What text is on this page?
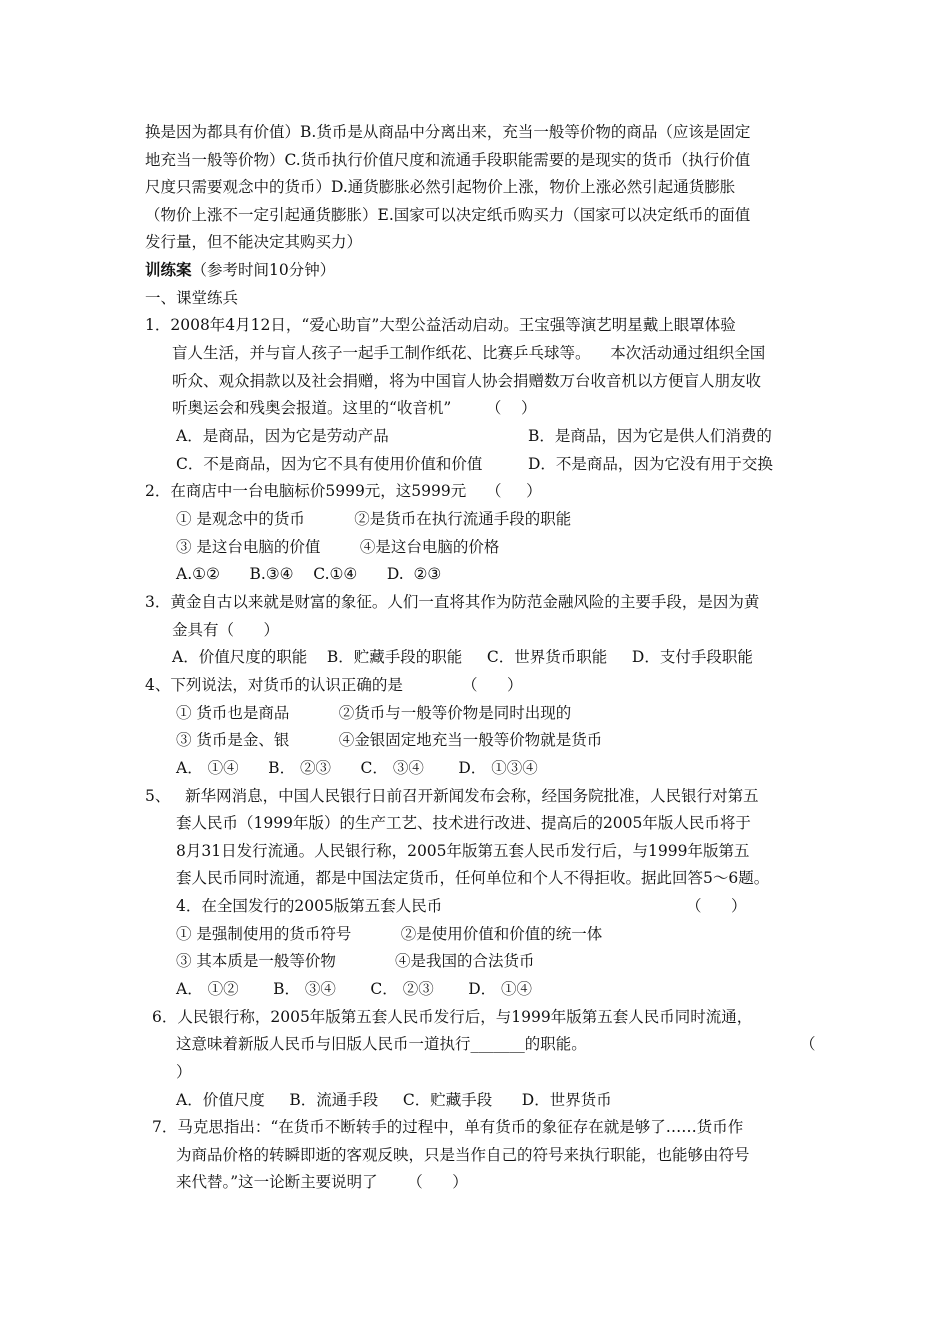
换是因为都具有价值）B.货币是从商品中分离出来，充当一般等价物的商品（应该是固定
地充当一般等价物）C.货币执行价值尺度和流通手段职能需要的是现实的货币（执行价值
尺度只需要观念中的货币）D.通货膨胀必然引起物价上涨，物价上涨必然引起通货膨胀
（物价上涨不一定引起通货膨胀）E.国家可以决定纸币购买力（国家可以决定纸币的面值
发行量，但不能决定其购买力）
训练案（参考时间10分钟）
一、课堂练兵
1．2008年4月12日，“爱心助盲”大型公益活动启动。王宝强等演艺明星戴上眼罩体验
盲人生活，并与盲人孩子一起手工制作纸花、比赛乒乓球等。    本次活动通过组织全国
听众、观众捐款以及社会捐赠，将为中国盲人协会捐赠数万台收音机以方便盲人朋友收
听奥运会和残奥会报道。这里的“收音机”       （    ）
A．是商品，因为它是劳动产品	B．是商品，因为它是供人们消费的
C．不是商品，因为它不具有使用价值和价值	D．不是商品，因为它没有用于交换
2．在商店中一台电脑标价5999元，这5999元    （     ）
① 是观念中的货币          ②是货币在执行流通手段的职能
③ 是这台电脑的价值        ④是这台电脑的价格
A.①②      B.③④    C.①④      D.  ②③
3．黄金自古以来就是财富的象征。人们一直将其作为防范金融风险的主要手段，是因为黄
金具有（      ）
A．价值尺度的职能    B．贮藏手段的职能     C．世界货币职能     D．支付手段职能
4、下列说法，对货币的认识正确的是            （      ）
① 货币也是商品          ②货币与一般等价物是同时出现的
③ 货币是金、银          ④金银固定地充当一般等价物就是货币
A． ①④      B． ②③      C． ③④       D． ①③④
5、   新华网消息，中国人民银行日前召开新闻发布会称，经国务院批准，人民银行对第五
套人民币（1999年版）的生产工艺、技术进行改进、提高后的2005年版人民币将于
8月31日发行流通。人民银行称，2005年版第五套人民币发行后，与1999年版第五
套人民币同时流通，都是中国法定货币，任何单位和个人不得拒收。据此回答5～6题。
4．在全国发行的2005版第五套人民币	（      ）
① 是强制使用的货币符号          ②是使用价值和价值的统一体
③ 其本质是一般等价物            ④是我国的合法货币
A． ①②       B． ③④       C． ②③       D． ①④
6．人民银行称，2005年版第五套人民币发行后，与1999年版第五套人民币同时流通，
这意味着新版人民币与旧版人民币一道执行_______的职能。	（
）
A．价值尺度     B．流通手段     C．贮藏手段      D．世界货币
7．马克思指出：“在货币不断转手的过程中，单有货币的象征存在就是够了……货币作
为商品价格的转瞬即逝的客观反映，只是当作自己的符号来执行职能，也能够由符号
来代替。”这一论断主要说明了      （      ）
